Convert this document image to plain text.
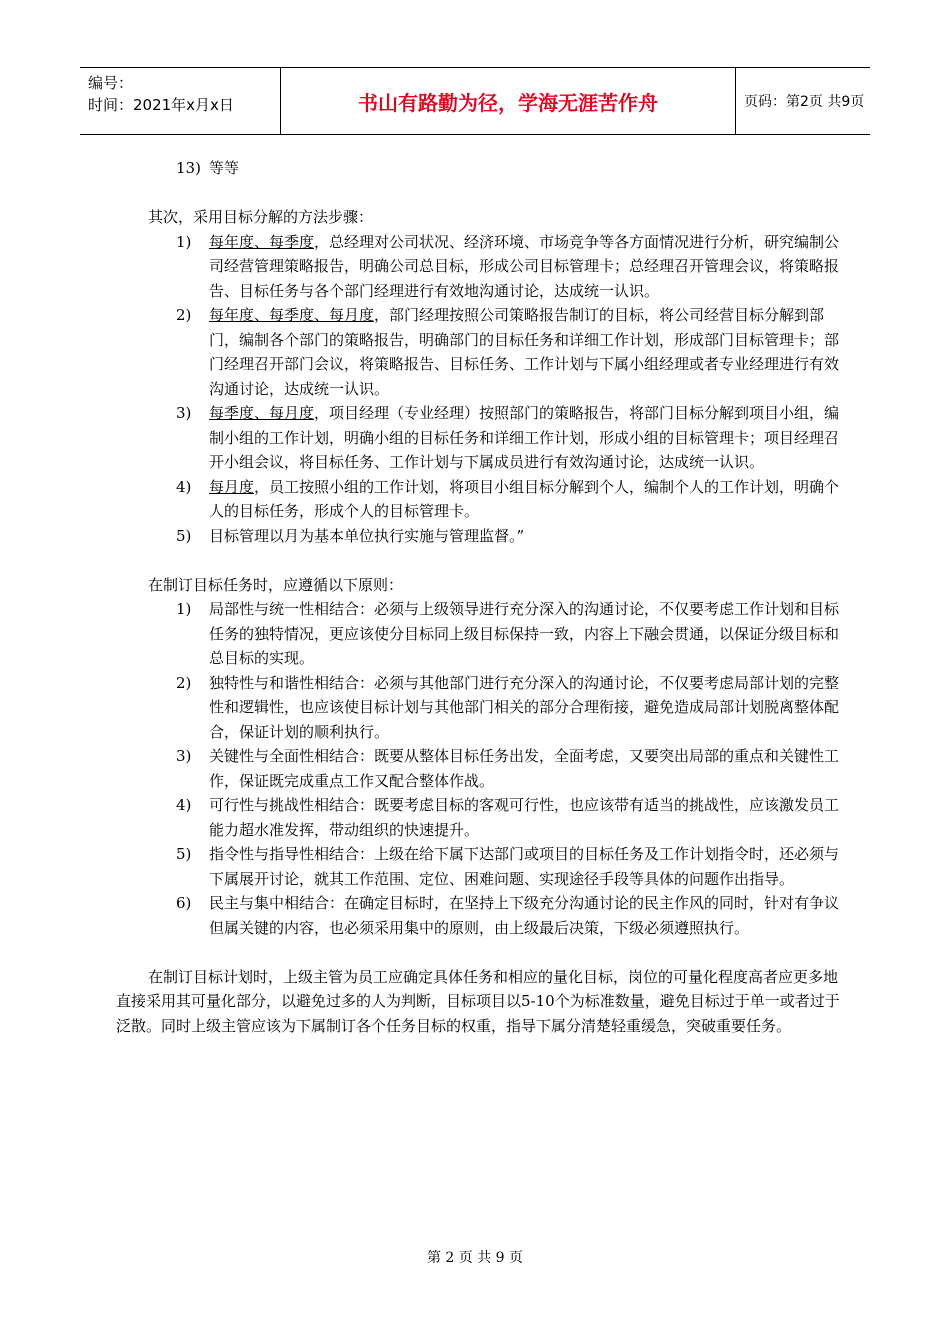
编号：
时间：2021年x月x日	书山有路勤为径，学海无涯苦作舟	页码：第2页 共9页
13) 等等

其次，采用目标分解的方法步骤：

1) 每年度、每季度，总经理对公司状况、经济环境、市场竞争等各方面情况进行分析，研究编制公司经营管理策略报告，明确公司总目标，形成公司目标管理卡；总经理召开管理会议，将策略报告、目标任务与各个部门经理进行有效地沟通讨论，达成统一认识。
2) 每年度、每季度、每月度，部门经理按照公司策略报告制订的目标，将公司经营目标分解到部门，编制各个部门的策略报告，明确部门的目标任务和详细工作计划，形成部门目标管理卡；部门经理召开部门会议，将策略报告、目标任务、工作计划与下属小组经理或者专业经理进行有效沟通讨论，达成统一认识。
3) 每季度、每月度，项目经理（专业经理）按照部门的策略报告，将部门目标分解到项目小组，编制小组的工作计划，明确小组的目标任务和详细工作计划，形成小组的目标管理卡；项目经理召开小组会议，将目标任务、工作计划与下属成员进行有效沟通讨论，达成统一认识。
4) 每月度，员工按照小组的工作计划，将项目小组目标分解到个人，编制个人的工作计划，明确个人的目标任务，形成个人的目标管理卡。
5) 目标管理以月为基本单位执行实施与管理监督。”

在制订目标任务时，应遵循以下原则：

1) 局部性与统一性相结合：必须与上级领导进行充分深入的沟通讨论，不仅要考虑工作计划和目标任务的独特情况，更应该使分目标同上级目标保持一致，内容上下融会贯通，以保证分级目标和总目标的实现。
2) 独特性与和谐性相结合：必须与其他部门进行充分深入的沟通讨论，不仅要考虑局部计划的完整性和逻辑性，也应该使目标计划与其他部门相关的部分合理衔接，避免造成局部计划脱离整体配合，保证计划的顺利执行。
3) 关键性与全面性相结合：既要从整体目标任务出发，全面考虑，又要突出局部的重点和关键性工作，保证既完成重点工作又配合整体作战。
4) 可行性与挑战性相结合：既要考虑目标的客观可行性，也应该带有适当的挑战性，应该激发员工能力超水准发挥，带动组织的快速提升。
5) 指令性与指导性相结合：上级在给下属下达部门或项目的目标任务及工作计划指令时，还必须与下属展开讨论，就其工作范围、定位、困难问题、实现途径手段等具体的问题作出指导。
6) 民主与集中相结合：在确定目标时，在坚持上下级充分沟通讨论的民主作风的同时，针对有争议但属关键的内容，也必须采用集中的原则，由上级最后决策，下级必须遵照执行。

在制订目标计划时，上级主管为员工应确定具体任务和相应的量化目标，岗位的可量化程度高者应更多地直接采用其可量化部分，以避免过多的人为判断，目标项目以5-10个为标准数量，避免目标过于单一或者过于泛散。同时上级主管应该为下属制订各个任务目标的权重，指导下属分清楚轻重缓急，突破重要任务。

第 2 页 共 9 页
